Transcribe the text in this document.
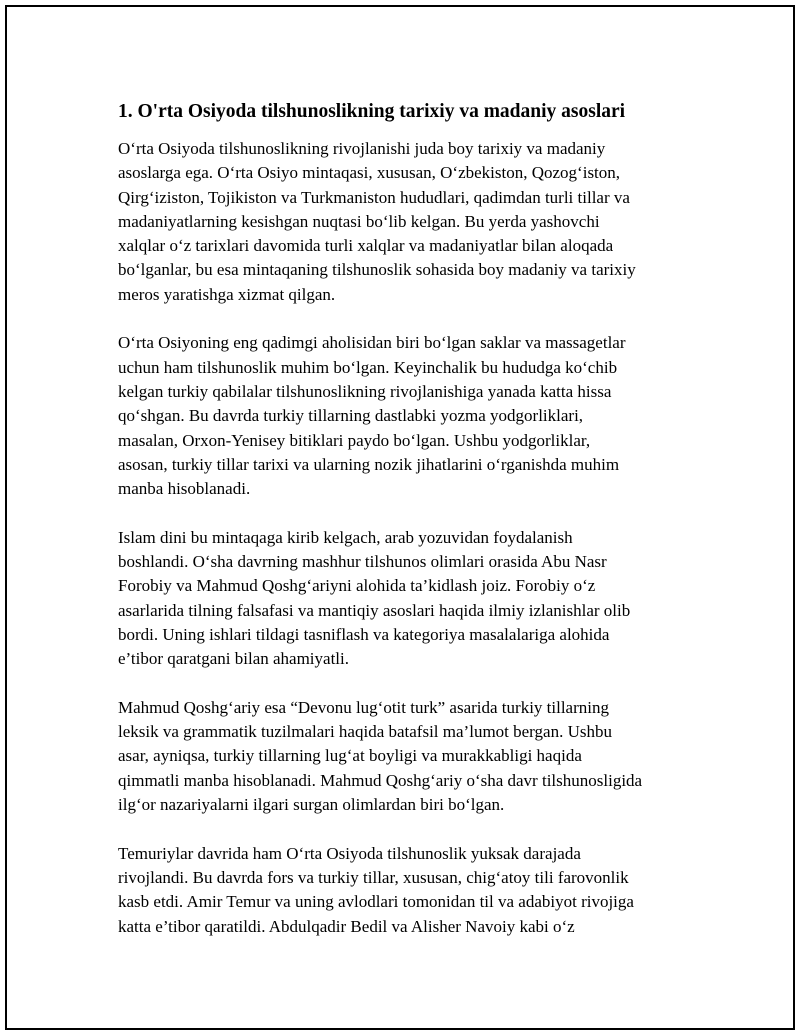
1. O'rta Osiyoda tilshunoslikning tarixiy va madaniy asoslari

O‘rta Osiyoda tilshunoslikning rivojlanishi juda boy tarixiy va madaniy
asoslarga ega. O‘rta Osiyo mintaqasi, xususan, O‘zbekiston, Qozog‘iston,
Qirg‘iziston, Tojikiston va Turkmaniston hududlari, qadimdan turli tillar va
madaniyatlarning kesishgan nuqtasi bo‘lib kelgan. Bu yerda yashovchi
xalqlar o‘z tarixlari davomida turli xalqlar va madaniyatlar bilan aloqada
bo‘lganlar, bu esa mintaqaning tilshunoslik sohasida boy madaniy va tarixiy
meros yaratishga xizmat qilgan.

O‘rta Osiyoning eng qadimgi aholisidan biri bo‘lgan saklar va massagetlar
uchun ham tilshunoslik muhim bo‘lgan. Keyinchalik bu hududga ko‘chib
kelgan turkiy qabilalar tilshunoslikning rivojlanishiga yanada katta hissa
qo‘shgan. Bu davrda turkiy tillarning dastlabki yozma yodgorliklari,
masalan, Orxon-Yenisey bitiklari paydo bo‘lgan. Ushbu yodgorliklar,
asosan, turkiy tillar tarixi va ularning nozik jihatlarini o‘rganishda muhim
manba hisoblanadi.

Islam dini bu mintaqaga kirib kelgach, arab yozuvidan foydalanish
boshlandi. O‘sha davrning mashhur tilshunos olimlari orasida Abu Nasr
Forobiy va Mahmud Qoshg‘ariyni alohida ta’kidlash joiz. Forobiy o‘z
asarlarida tilning falsafasi va mantiqiy asoslari haqida ilmiy izlanishlar olib
bordi. Uning ishlari tildagi tasniflash va kategoriya masalalariga alohida
e’tibor qaratgani bilan ahamiyatli.

Mahmud Qoshg‘ariy esa “Devonu lug‘otit turk” asarida turkiy tillarning
leksik va grammatik tuzilmalari haqida batafsil ma’lumot bergan. Ushbu
asar, ayniqsa, turkiy tillarning lug‘at boyligi va murakkabligi haqida
qimmatli manba hisoblanadi. Mahmud Qoshg‘ariy o‘sha davr tilshunosligida
ilg‘or nazariyalarni ilgari surgan olimlardan biri bo‘lgan.

Temuriylar davrida ham O‘rta Osiyoda tilshunoslik yuksak darajada
rivojlandi. Bu davrda fors va turkiy tillar, xususan, chig‘atoy tili farovonlik
kasb etdi. Amir Temur va uning avlodlari tomonidan til va adabiyot rivojiga
katta e’tibor qaratildi. Abdulqadir Bedil va Alisher Navoiy kabi o‘z
